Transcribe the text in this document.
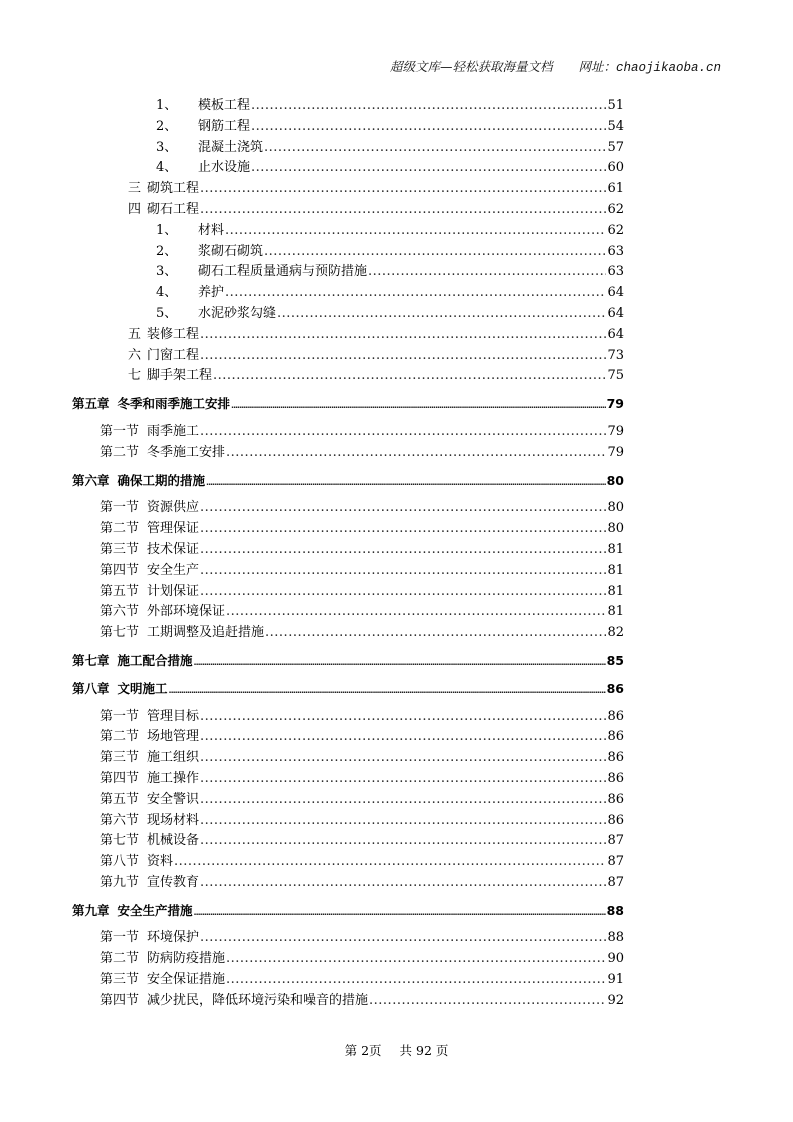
超级文库—轻松获取海量文档 网址：chaojikaoba.cn
1、 模板工程 .....	51
2、 钢筋工程 .....	54
3、 混凝土浇筑 .....	57
4、 止水设施 .....	60
三 砌筑工程 .....	61
四 砌石工程 .....	62
1、 材料 .....	62
2、 浆砌石砌筑 .....	63
3、 砌石工程质量通病与预防措施 .....	63
4、 养护 .....	64
5、 水泥砂浆勾缝 .....	64
五 装修工程 .....	64
六 门窗工程 .....	73
七 脚手架工程 .....	75
第五章 冬季和雨季施工安排 .....	79
第一节 雨季施工 .....	79
第二节 冬季施工安排 .....	79
第六章 确保工期的措施 .....	80
第一节 资源供应 .....	80
第二节 管理保证 .....	80
第三节 技术保证 .....	81
第四节 安全生产 .....	81
第五节 计划保证 .....	81
第六节 外部环境保证 .....	81
第七节 工期调整及追赶措施 .....	82
第七章 施工配合措施 .....	85
第八章 文明施工 .....	86
第一节 管理目标 .....	86
第二节 场地管理 .....	86
第三节 施工组织 .....	86
第四节 施工操作 .....	86
第五节 安全警识 .....	86
第六节 现场材料 .....	86
第七节 机械设备 .....	87
第八节 资料 .....	87
第九节 宣传教育 .....	87
第九章 安全生产措施 .....	88
第一节 环境保护 .....	88
第二节 防病防疫措施 .....	90
第三节 安全保证措施 .....	91
第四节 减少扰民，降低环境污染和噪音的措施 .....	92
第 2页 共 92 页
